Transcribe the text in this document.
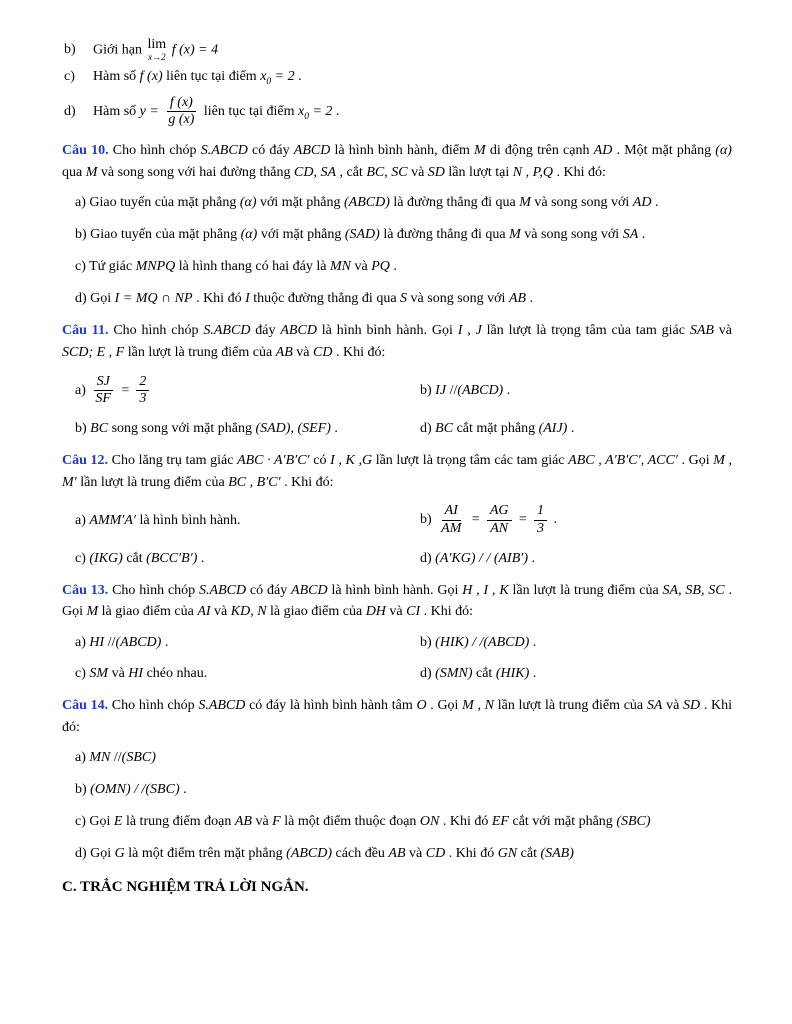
b) Giới hạn lim
x→2 f (x) = 4
c) Hàm số f (x) liên tục tại điểm $x_0 = 2$ .
d) Hàm số $y = \frac{f (x)}{g (x)}$ liên tục tại điểm $x_0 = 2$ .
Câu 10. Cho hình chóp S.ABCD có đáy ABCD là hình bình hành, điểm M di động trên cạnh AD . Một mặt phẳng (α) qua M và song song với hai đường thẳng CD, SA , cắt BC, SC và SD lần lượt tại N , P,Q . Khi đó:
a) Giao tuyến của mặt phẳng (α) với mặt phẳng (ABCD) là đường thẳng đi qua M và song song với AD .
b) Giao tuyến của mặt phẳng (α) với mặt phẳng (SAD) là đường thẳng đi qua M và song song với SA .
c) Tứ giác MNPQ là hình thang có hai đáy là MN và PQ .
d) Gọi I = MQ ∩ NP . Khi đó I thuộc đường thẳng đi qua S và song song với AB .
Câu 11. Cho hình chóp S.ABCD đáy ABCD là hình bình hành. Gọi I , J lần lượt là trọng tâm của tam giác SAB và SCD; E , F lần lượt là trung điểm của AB và CD . Khi đó:
$a) \frac{SJ}{SF} = \frac{2}{3}$	b) IJ //(ABCD) .
b) BC song song với mặt phẳng (SAD), (SEF) .	d) BC cắt mặt phẳng (AIJ) .
Câu 12. Cho lăng trụ tam giác ABC · A′B′C′ có I , K ,G lần lượt là trọng tâm các tam giác ABC , A′B′C′, ACC′ . Gọi M , M′ lần lượt là trung điểm của BC , B′C′ . Khi đó:
a) AMM′A′ là hình bình hành.	$b) \frac{AI}{AM} = \frac{AG}{AN} = \frac{1}{3}$ .
c) (IKG) cắt (BCC′B′) .	d) (A′KG) / / (AIB′) .
Câu 13. Cho hình chóp S.ABCD có đáy ABCD là hình bình hành. Gọi H , I , K lần lượt là trung điểm của SA, SB, SC . Gọi M là giao điểm của AI và KD, N là giao điểm của DH và CI . Khi đó:
a) HI //(ABCD) .	b) (HIK) / /(ABCD) .
c) SM và HI chéo nhau.	d) (SMN) cắt (HIK) .
Câu 14. Cho hình chóp S.ABCD có đáy là hình bình hành tâm O . Gọi M , N lần lượt là trung điểm của SA và SD . Khi đó:
a) MN //(SBC)
b) (OMN) / /(SBC) .
c) Gọi E là trung điểm đoạn AB và F là một điểm thuộc đoạn ON . Khi đó EF cắt với mặt phẳng (SBC)
d) Gọi G là một điểm trên mặt phẳng (ABCD) cách đều AB và CD . Khi đó GN cắt (SAB)
C. TRẮC NGHIỆM TRẢ LỜI NGẮN.
